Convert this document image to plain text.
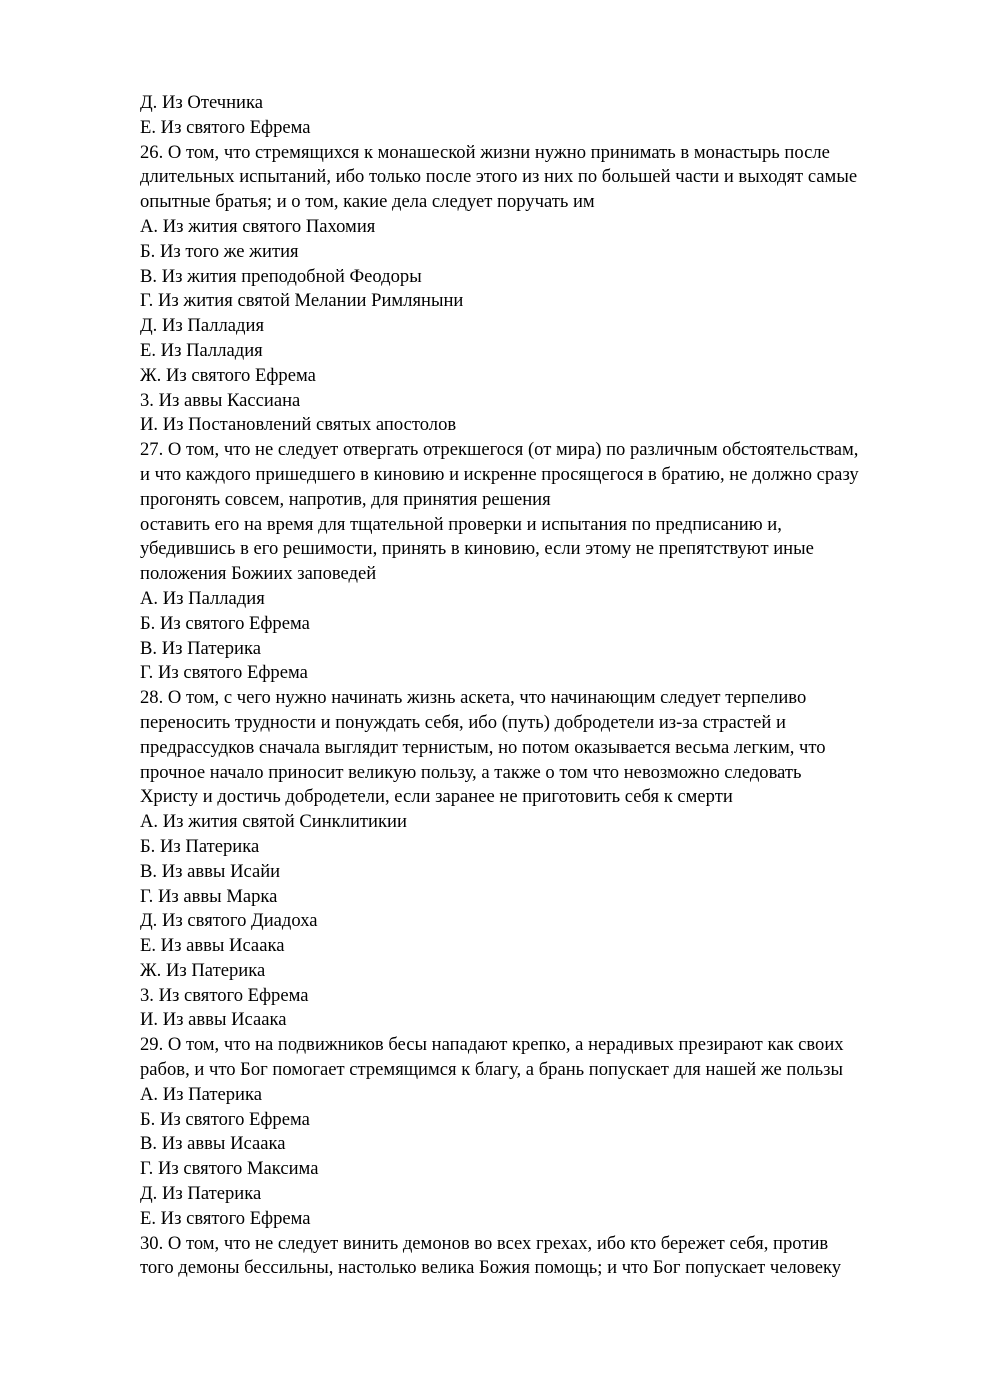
Д. Из Отечника
Е. Из святого Ефрема
26. О том, что стремящихся к монашеской жизни нужно принимать в монастырь после
длительных испытаний, ибо только после этого из них по большей части и выходят самые
опытные братья; и о том, какие дела следует поручать им
А. Из жития святого Пахомия
Б. Из того же жития
В. Из жития преподобной Феодоры
Г. Из жития святой Мелании Римляныни
Д. Из Палладия
Е. Из Палладия
Ж. Из святого Ефрема
3. Из аввы Кассиана
И. Из Постановлений святых апостолов
27. О том, что не следует отвергать отрекшегося (от мира) по различным обстоятельствам,
и что каждого пришедшего в киновию и искренне просящегося в братию, не должно сразу
прогонять совсем, напротив, для принятия решения
оставить его на время для тщательной проверки и испытания по предписанию и,
убедившись в его решимости, принять в киновию, если этому не препятствуют иные
положения Божиих заповедей
А. Из Палладия
Б. Из святого Ефрема
В. Из Патерика
Г. Из святого Ефрема
28. О том, с чего нужно начинать жизнь аскета, что начинающим следует терпеливо
переносить трудности и понуждать себя, ибо (путь) добродетели из-за страстей и
предрассудков сначала выглядит тернистым, но потом оказывается весьма легким, что
прочное начало приносит великую пользу, а также о том что невозможно следовать
Христу и достичь добродетели, если заранее не приготовить себя к смерти
А. Из жития святой Синклитикии
Б. Из Патерика
В. Из аввы Исайи
Г. Из аввы Марка
Д. Из святого Диадоха
Е. Из аввы Исаака
Ж. Из Патерика
3. Из святого Ефрема
И. Из аввы Исаака
29. О том, что на подвижников бесы нападают крепко, а нерадивых презирают как своих
рабов, и что Бог помогает стремящимся к благу, а брань попускает для нашей же пользы
А. Из Патерика
Б. Из святого Ефрема
В. Из аввы Исаака
Г. Из святого Максима
Д. Из Патерика
Е. Из святого Ефрема
30. О том, что не следует винить демонов во всех грехах, ибо кто бережет себя, против
того демоны бессильны, настолько велика Божия помощь; и что Бог попускает человеку
